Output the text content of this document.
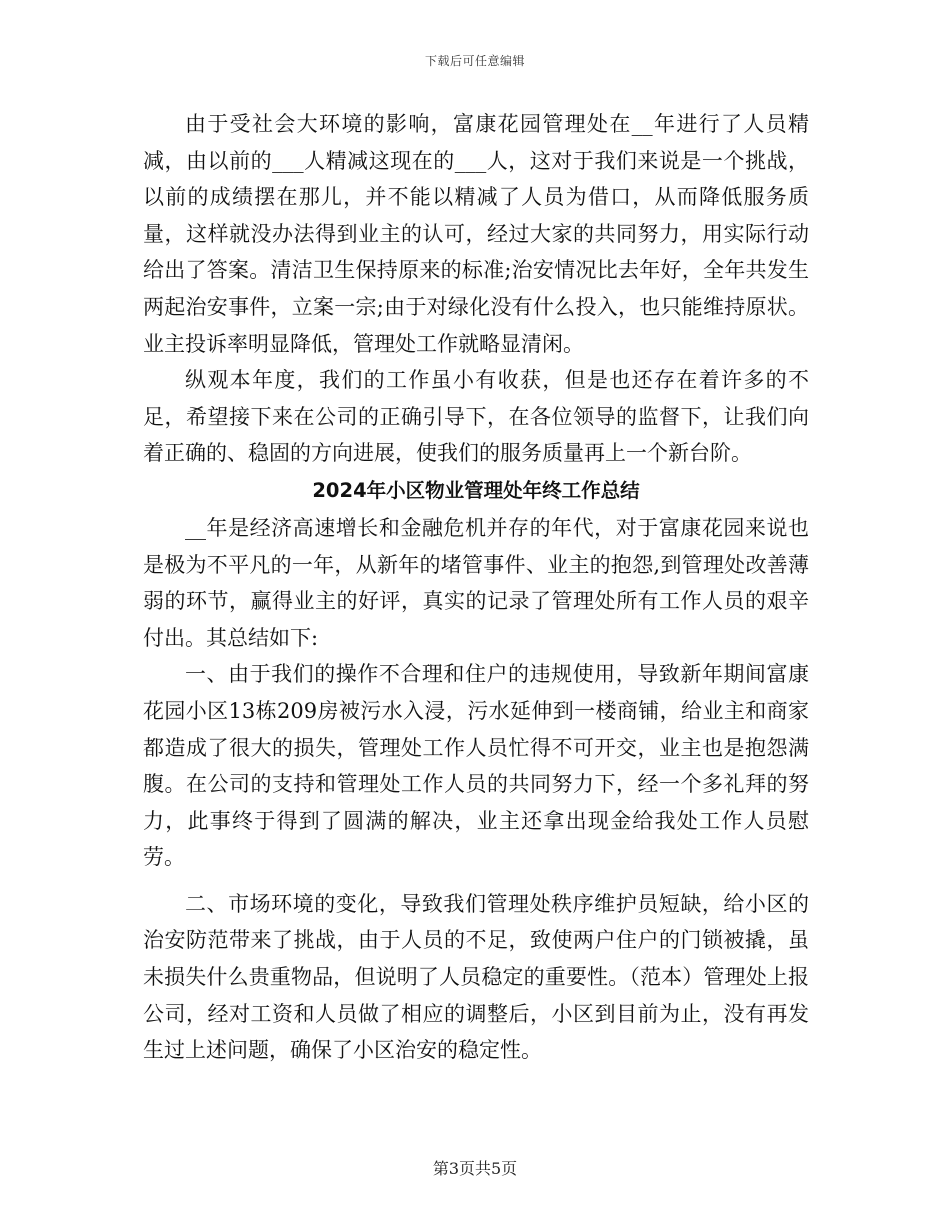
下载后可任意编辑

由于受社会大环境的影响，富康花园管理处在__年进行了人员精减，由以前的___人精减这现在的___人，这对于我们来说是一个挑战，以前的成绩摆在那儿，并不能以精减了人员为借口，从而降低服务质量，这样就没办法得到业主的认可，经过大家的共同努力，用实际行动给出了答案。清洁卫生保持原来的标准;治安情况比去年好，全年共发生两起治安事件，立案一宗;由于对绿化没有什么投入，也只能维持原状。业主投诉率明显降低，管理处工作就略显清闲。

纵观本年度，我们的工作虽小有收获，但是也还存在着许多的不足，希望接下来在公司的正确引导下，在各位领导的监督下，让我们向着正确的、稳固的方向进展，使我们的服务质量再上一个新台阶。

2024年小区物业管理处年终工作总结

__年是经济高速增长和金融危机并存的年代，对于富康花园来说也是极为不平凡的一年，从新年的堵管事件、业主的抱怨,到管理处改善薄弱的环节，赢得业主的好评，真实的记录了管理处所有工作人员的艰辛付出。其总结如下:

一、由于我们的操作不合理和住户的违规使用，导致新年期间富康花园小区13栋209房被污水入浸，污水延伸到一楼商铺，给业主和商家都造成了很大的损失，管理处工作人员忙得不可开交，业主也是抱怨满腹。在公司的支持和管理处工作人员的共同努力下，经一个多礼拜的努力，此事终于得到了圆满的解决，业主还拿出现金给我处工作人员慰劳。

二、市场环境的变化，导致我们管理处秩序维护员短缺，给小区的治安防范带来了挑战，由于人员的不足，致使两户住户的门锁被撬，虽未损失什么贵重物品，但说明了人员稳定的重要性。（范本）管理处上报公司，经对工资和人员做了相应的调整后，小区到目前为止，没有再发生过上述问题，确保了小区治安的稳定性。

第3页共5页
